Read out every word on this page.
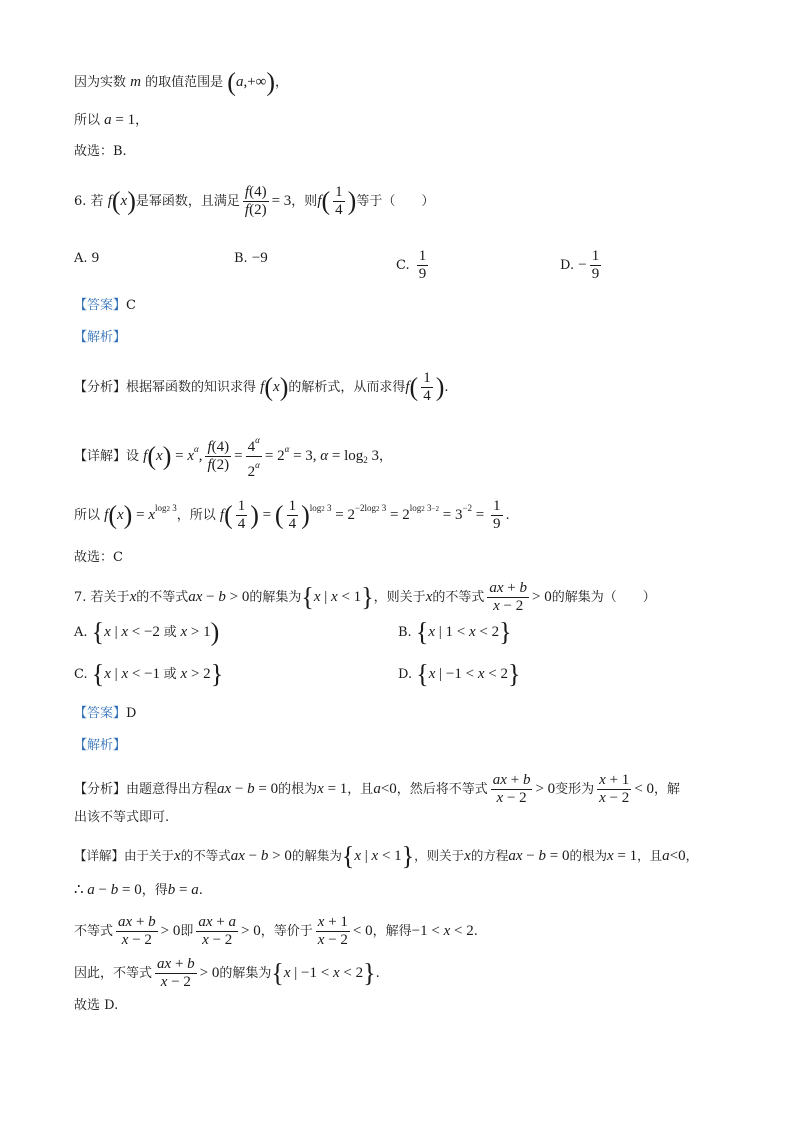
因为实数 m 的取值范围是 (a,+∞)，
所以 a = 1，
故选：B.
6. 若 f(x)是幂函数，且满足 $\frac{f(4)}{f(2)} = 3$，则$f( \frac{1}{4}$ )等于（　　）
A. 9	B. −9	C. $\frac{1}{9}$	D. − $\frac{1}{9}$
【答案】C
【解析】
【分析】根据幂函数的知识求得 f(x)的解析式，从而求得$f( \frac{1}{4}$ ).
【详解】设 $f(x) = x^\alpha$, $\frac{f(4)}{f(2)} = \frac{4^\alpha}{2^\alpha} = 2^\alpha = 3$, $\alpha = \log_2 3$，
所以 $f(x) = x^{log2 3}$，所以 $f( \frac{1}{4}$ ) = ( $\frac{1}{4} )^{log2 3} = 2^{-2log2 3} = 2^{log2 3-2} = 3^{-2} = \frac{1}{9}$ .
故选：C
7. 若关于x的不等式ax − b > 0的解集为{x | x < 1}，则关于x的不等式 $\frac{ax + b}{x - 2} > 0$的解集为（　　）
A. {x | x < −2 或 x > 1)	B. {x | 1 < x < 2}
C. {x | x < −1 或 x > 2}	D. {x | −1 < x < 2}
【答案】D
【解析】
【分析】由题意得出方程ax − b = 0的根为x = 1，且a<0，然后将不等式 $\frac{ax + b}{x - 2} > 0$变形为 $\frac{x + 1}{x - 2} < 0$，解
出该不等式即可.
【详解】由于关于x的不等式ax − b > 0的解集为{x | x < 1}，则关于x的方程ax − b = 0的根为x = 1，且a<0，
∴ a − b = 0，得b = a.
不等式 $\frac{ax + b}{x - 2} > 0$即 $\frac{ax + a}{x - 2} > 0$，等价于 $\frac{x + 1}{x - 2} < 0$，解得−1 < x < 2.
因此，不等式 $\frac{ax + b}{x - 2} > 0$的解集为{x | −1 < x < 2}.
故选 D.
